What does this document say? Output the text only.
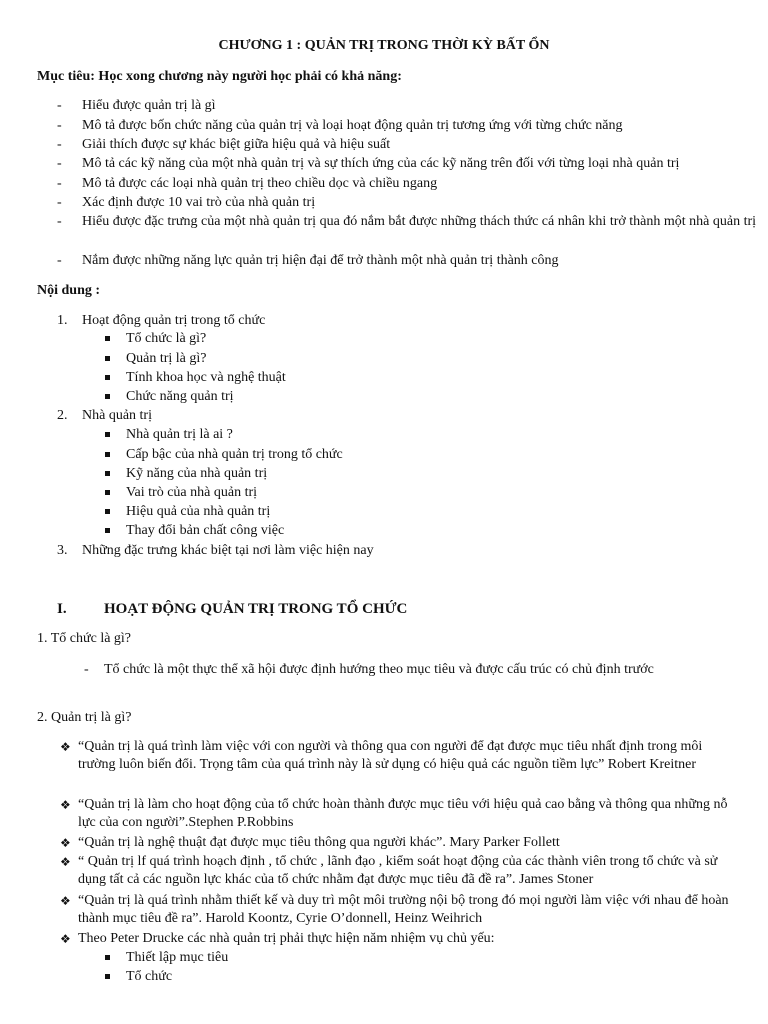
CHƯƠNG 1 : QUẢN TRỊ TRONG THỜI KỲ BẤT ỔN
Mục tiêu: Học xong chương này người học phải có khả năng:
- Hiểu được quản trị là gì
- Mô tả được bốn chức năng của quản trị và loại hoạt động quản trị tương ứng với từng chức năng
- Giải thích được sự khác biệt giữa hiệu quả và hiệu suất
- Mô tả các kỹ năng của một nhà quản trị và sự thích ứng của các kỹ năng trên đối với từng loại nhà quản trị
- Mô tả được các loại nhà quản trị theo chiều dọc và chiều ngang
- Xác định được 10 vai trò của nhà quản trị
- Hiểu được đặc trưng của một nhà quản trị qua đó nắm bắt được những thách thức cá nhân khi trở thành một nhà quản trị
- Nắm được những năng lực quản trị hiện đại để trở thành một nhà quản trị thành công
Nội dung :
1. Hoạt động quản trị trong tổ chức
Tổ chức là gì?
Quản trị là gì?
Tính khoa học và nghệ thuật
Chức năng quản trị
2. Nhà quản trị
Nhà quản trị là ai ?
Cấp bậc của nhà quản trị trong tổ chức
Kỹ năng của nhà quản trị
Vai trò của nhà quản trị
Hiệu quả của nhà quản trị
Thay đổi bản chất công việc
3. Những đặc trưng khác biệt tại nơi làm việc hiện nay
I. HOẠT ĐỘNG QUẢN TRỊ TRONG TỔ CHỨC
1. Tổ chức là gì?
- Tổ chức là một thực thể xã hội được định hướng theo mục tiêu và được cấu trúc có chủ định trước
2. Quản trị là gì?
❖ “Quản trị là quá trình làm việc với con người và thông qua con người để đạt được mục tiêu nhất định trong môi trường luôn biến đổi. Trọng tâm của quá trình này là sử dụng có hiệu quả các nguồn tiềm lực” Robert Kreitner
❖ “Quản trị là làm cho hoạt động của tổ chức hoàn thành được mục tiêu với hiệu quả cao bằng và thông qua những nỗ lực của con người”.Stephen P.Robbins
❖ “Quản trị là nghệ thuật đạt được mục tiêu thông qua người khác”. Mary Parker Follett
❖ “ Quản trị lf quá trình hoạch định , tổ chức , lãnh đạo , kiểm soát hoạt động của các thành viên trong tổ chức và sử dụng tất cả các nguồn lực khác của tổ chức nhằm đạt được mục tiêu đã đề ra”. James Stoner
❖ “Quản trị là quá trình nhằm thiết kế và duy trì một môi trường nội bộ trong đó mọi người làm việc với nhau để hoàn thành mục tiêu đề ra”. Harold Koontz, Cyrie O’donnell, Heinz Weihrich
❖ Theo Peter Drucke các nhà quản trị phải thực hiện năm nhiệm vụ chủ yếu:
Thiết lập mục tiêu
Tổ chức
